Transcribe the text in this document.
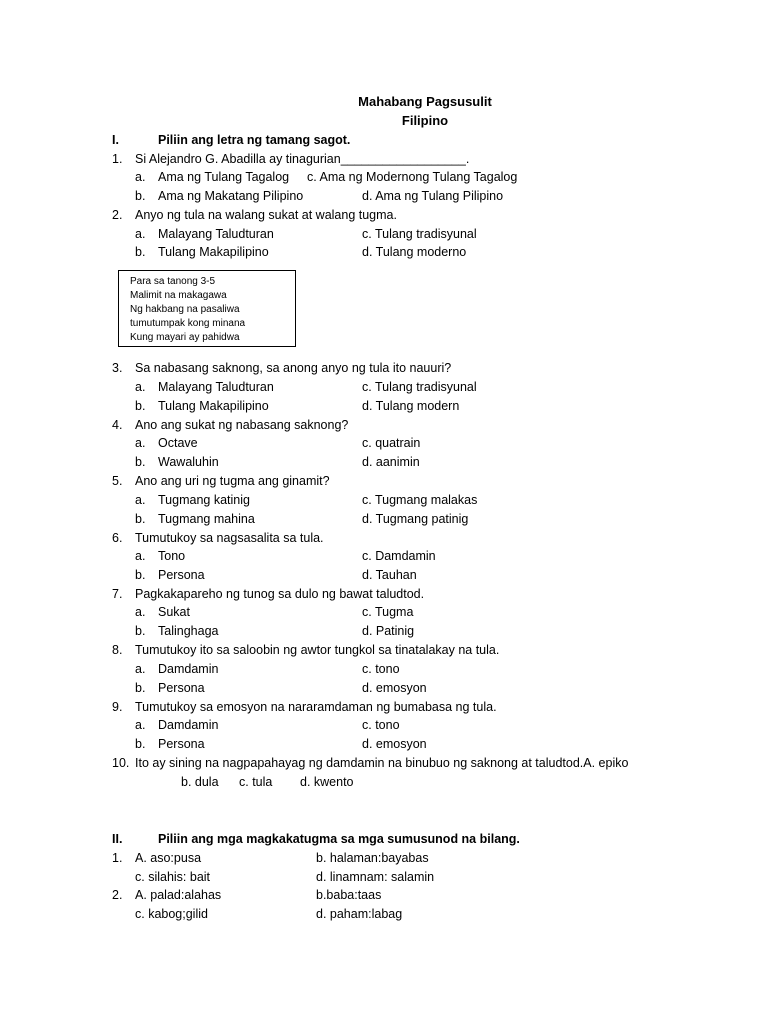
Mahabang Pagsusulit
Filipino
I.	Piliin ang letra ng tamang sagot.
1. Si Alejandro G. Abadilla ay tinagurian__________________.
a. Ama ng Tulang Tagalog c. Ama ng Modernong Tulang Tagalog
b. Ama ng Makatang Pilipino	d. Ama ng Tulang Pilipino
2. Anyo ng tula na walang sukat at walang tugma.
a. Malayang Taludturan	c. Tulang tradisyunal
b. Tulang Makapilipino	d. Tulang moderno
Para sa tanong 3-5
Malimit na makagawa
Ng hakbang na pasaliwa
tumutumpak kong minana
Kung mayari ay pahidwa
3. Sa nabasang saknong, sa anong anyo ng tula ito nauuri?
a. Malayang Taludturan	c. Tulang tradisyunal
b. Tulang Makapilipino	d. Tulang modern
4. Ano ang sukat ng nabasang saknong?
a. Octave	c. quatrain
b. Wawaluhin	d. aanimin
5. Ano ang uri ng tugma ang ginamit?
a. Tugmang katinig	c. Tugmang malakas
b. Tugmang mahina	d. Tugmang patinig
6. Tumutukoy sa nagsasalita sa tula.
a. Tono	c. Damdamin
b. Persona	d. Tauhan
7. Pagkakapareho ng tunog sa dulo ng bawat taludtod.
a. Sukat	c. Tugma
b. Talinghaga	d. Patinig
8. Tumutukoy ito sa saloobin ng awtor tungkol sa tinatalakay na tula.
a. Damdamin	c. tono
b. Persona	d. emosyon
9. Tumutukoy sa emosyon na nararamdaman ng bumabasa ng tula.
a. Damdamin	c. tono
b. Persona	d. emosyon
10. Ito ay sining na nagpapahayag ng damdamin na binubuo ng saknong at taludtod.A. epiko
b. dula c. tula d. kwento
II.	Piliin ang mga magkakatugma sa mga sumusunod na bilang.
1. A. aso:pusa	b. halaman:bayabas
c. silahis: bait	d. linamnam: salamin
2. A. palad:alahas	b.baba:taas
c. kabog;gilid	d. paham:labag
